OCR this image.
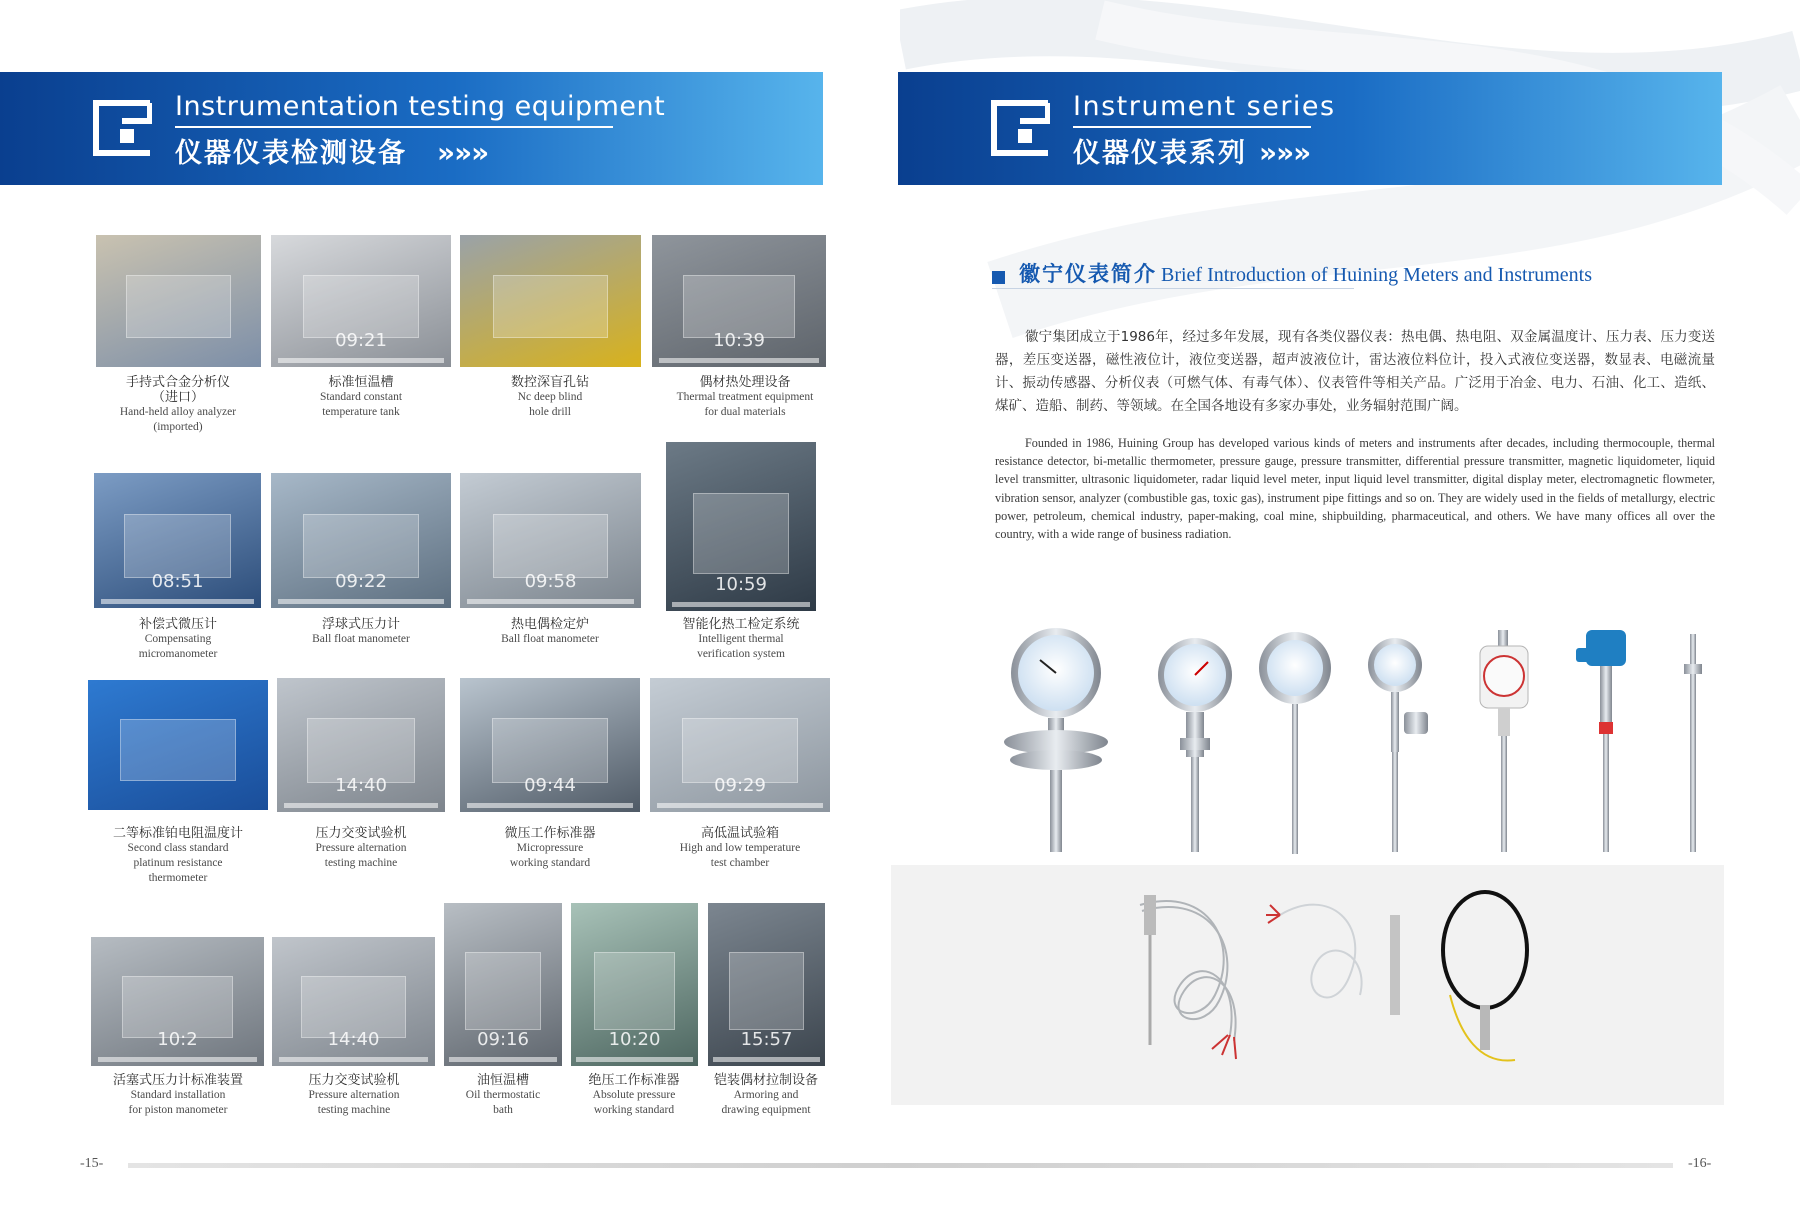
Instrumentation testing equipment
仪器仪表检测设备 »»»
Instrument series
仪器仪表系列 »»»
手持式合金分析仪
（进口）
Hand-held alloy analyzer
(imported)
09:21
标准恒温槽
Standard constant
temperature tank
数控深盲孔钻
Nc deep blind
hole drill
10:39
偶材热处理设备
Thermal treatment equipment
for dual materials
08:51
补偿式微压计
Compensating
micromanometer
09:22
浮球式压力计
Ball float manometer
09:58
热电偶检定炉
Ball float manometer
10:59
智能化热工检定系统
Intelligent thermal
verification system
二等标准铂电阻温度计
Second class standard
platinum resistance
thermometer
14:40
压力交变试验机
Pressure alternation
testing machine
09:44
微压工作标准器
Micropressure
working standard
09:29
高低温试验箱
High and low temperature
test chamber
10:2
活塞式压力计标准装置
Standard installation
for piston manometer
14:40
压力交变试验机
Pressure alternation
testing machine
09:16
油恒温槽
Oil thermostatic
bath
10:20
绝压工作标准器
Absolute pressure
working standard
15:57
铠装偶材拉制设备
Armoring and
drawing equipment
徽宁仪表简介 Brief Introduction of Huining Meters and Instruments
徽宁集团成立于1986年，经过多年发展，现有各类仪器仪表：热电偶、热电阻、双金属温度计、压力表、压力变送器，差压变送器，磁性液位计，液位变送器，超声波液位计，雷达液位料位计，投入式液位变送器，数显表、电磁流量计、振动传感器、分析仪表（可燃气体、有毒气体）、仪表管件等相关产品。广泛用于冶金、电力、石油、化工、造纸、煤矿、造船、制药、等领域。在全国各地设有多家办事处，业务辐射范围广阔。
Founded in 1986, Huining Group has developed various kinds of meters and instruments after decades, including thermocouple, thermal resistance detector, bi-metallic thermometer, pressure gauge, pressure transmitter, differential pressure transmitter, magnetic liquidometer, liquid level transmitter, ultrasonic liquidometer, radar liquid level meter, input liquid level transmitter, digital display meter, electromagnetic flowmeter, vibration sensor, analyzer (combustible gas, toxic gas), instrument pipe fittings and so on. They are widely used in the fields of metallurgy, electric power, petroleum, chemical industry, paper-making, coal mine, shipbuilding, pharmaceutical, and others. We have many offices all over the country, with a wide range of business radiation.
-15-	-16-
